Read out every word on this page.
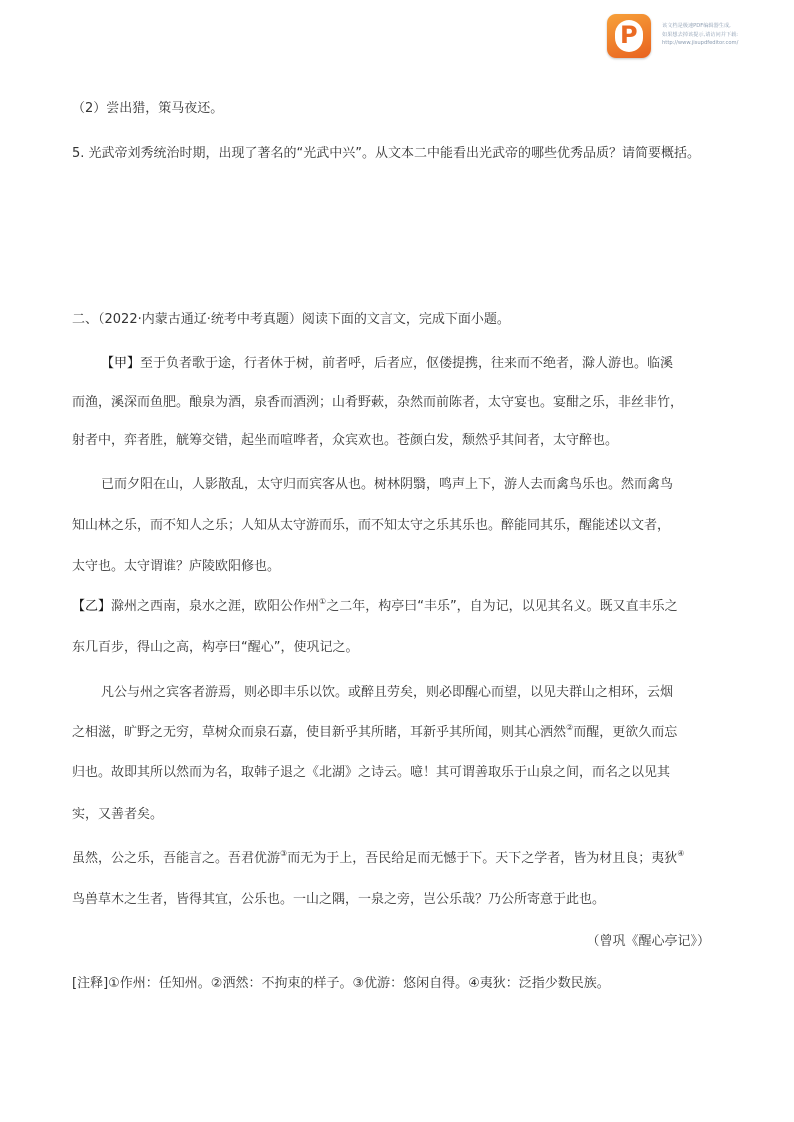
P	该文档是极速PDF编辑器生成,
如果想去掉该提示,请访问并下载:
http://www.jisupdfeditor.com/
（2）尝出猎，策马夜还。
5. 光武帝刘秀统治时期，出现了著名的“光武中兴”。从文本二中能看出光武帝的哪些优秀品质？请简要概括。
二、（2022·内蒙古通辽·统考中考真题）阅读下面的文言文，完成下面小题。
【甲】至于负者歌于途，行者休于树，前者呼，后者应，伛偻提携，往来而不绝者，滁人游也。临溪
而渔，溪深而鱼肥。酿泉为酒，泉香而酒洌；山肴野蔌，杂然而前陈者，太守宴也。宴酣之乐，非丝非竹，
射者中，弈者胜，觥筹交错，起坐而喧哗者，众宾欢也。苍颜白发，颓然乎其间者，太守醉也。
已而夕阳在山，人影散乱，太守归而宾客从也。树林阴翳，鸣声上下，游人去而禽鸟乐也。然而禽鸟
知山林之乐，而不知人之乐；人知从太守游而乐，而不知太守之乐其乐也。醉能同其乐，醒能述以文者，
太守也。太守谓谁？庐陵欧阳修也。
【乙】滁州之西南，泉水之涯，欧阳公作州①之二年，构亭曰“丰乐”，自为记，以见其名义。既又直丰乐之
东几百步，得山之高，构亭曰“醒心”，使巩记之。
凡公与州之宾客者游焉，则必即丰乐以饮。或醉且劳矣，则必即醒心而望，以见夫群山之相环，云烟
之相滋，旷野之无穷，草树众而泉石嘉，使目新乎其所睹，耳新乎其所闻，则其心洒然②而醒，更欲久而忘
归也。故即其所以然而为名，取韩子退之《北湖》之诗云。噫！其可谓善取乐于山泉之间，而名之以见其
实，又善者矣。
虽然，公之乐，吾能言之。吾君优游③而无为于上，吾民给足而无憾于下。天下之学者，皆为材且良；夷狄④
鸟兽草木之生者，皆得其宜，公乐也。一山之隅，一泉之旁，岂公乐哉？乃公所寄意于此也。
（曾巩《醒心亭记》）
[注释]①作州：任知州。②洒然：不拘束的样子。③优游：悠闲自得。④夷狄：泛指少数民族。
